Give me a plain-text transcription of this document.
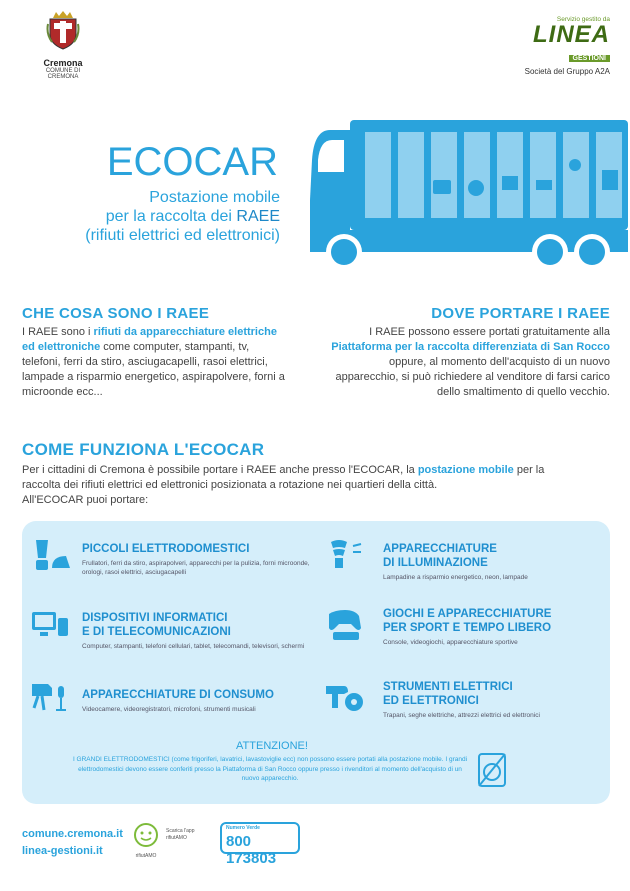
Cremona
COMUNE DI CREMONA
Servizio gestito da
LINEA
GESTIONI
Società del Gruppo A2A
ECOCAR
Postazione mobile
per la raccolta dei RAEE
(rifiuti elettrici ed elettronici)
CHE COSA SONO I RAEE
I RAEE sono i rifiuti da apparecchiature elettriche ed elettroniche come computer, stampanti, tv, telefoni, ferri da stiro, asciugacapelli, rasoi elettrici, lampade a risparmio energetico, aspirapolvere, forni a microonde ecc...
DOVE PORTARE I RAEE
I RAEE possono essere portati gratuitamente alla Piattaforma per la raccolta differenziata di San Rocco oppure, al momento dell'acquisto di un nuovo apparecchio, si può richiedere al venditore di farsi carico dello smaltimento di quello vecchio.
COME FUNZIONA L'ECOCAR
Per i cittadini di Cremona è possibile portare i RAEE anche presso l'ECOCAR, la postazione mobile per la raccolta dei rifiuti elettrici ed elettronici posizionata a rotazione nei quartieri della città.
All'ECOCAR puoi portare:
PICCOLI ELETTRODOMESTICI
Frullatori, ferri da stiro, aspirapolveri, apparecchi per la pulizia, forni microonde, orologi, rasoi elettrici, asciugacapelli
APPARECCHIATURE
DI ILLUMINAZIONE
Lampadine a risparmio energetico, neon, lampade
DISPOSITIVI INFORMATICI
E DI TELECOMUNICAZIONI
Computer, stampanti, telefoni cellulari, tablet, telecomandi, televisori, schermi
GIOCHI E APPARECCHIATURE
PER SPORT E TEMPO LIBERO
Console, videogiochi, apparecchiature sportive
APPARECCHIATURE DI CONSUMO
Videocamere, videoregistratori, microfoni, strumenti musicali
STRUMENTI ELETTRICI
ED ELETTRONICI
Trapani, seghe elettriche, attrezzi elettrici ed elettronici
ATTENZIONE!
I GRANDI ELETTRODOMESTICI (come frigoriferi, lavatrici, lavastoviglie ecc) non possono essere portati alla postazione mobile. I grandi elettrodomestici devono essere conferiti presso la Piattaforma di San Rocco oppure presso i rivenditori al momento dell'acquisto di un nuovo apparecchio.
comune.cremona.it
linea-gestioni.it	rifiutAMO
Scarica l'app rifiutAMO
Numero Verde
800 173803
